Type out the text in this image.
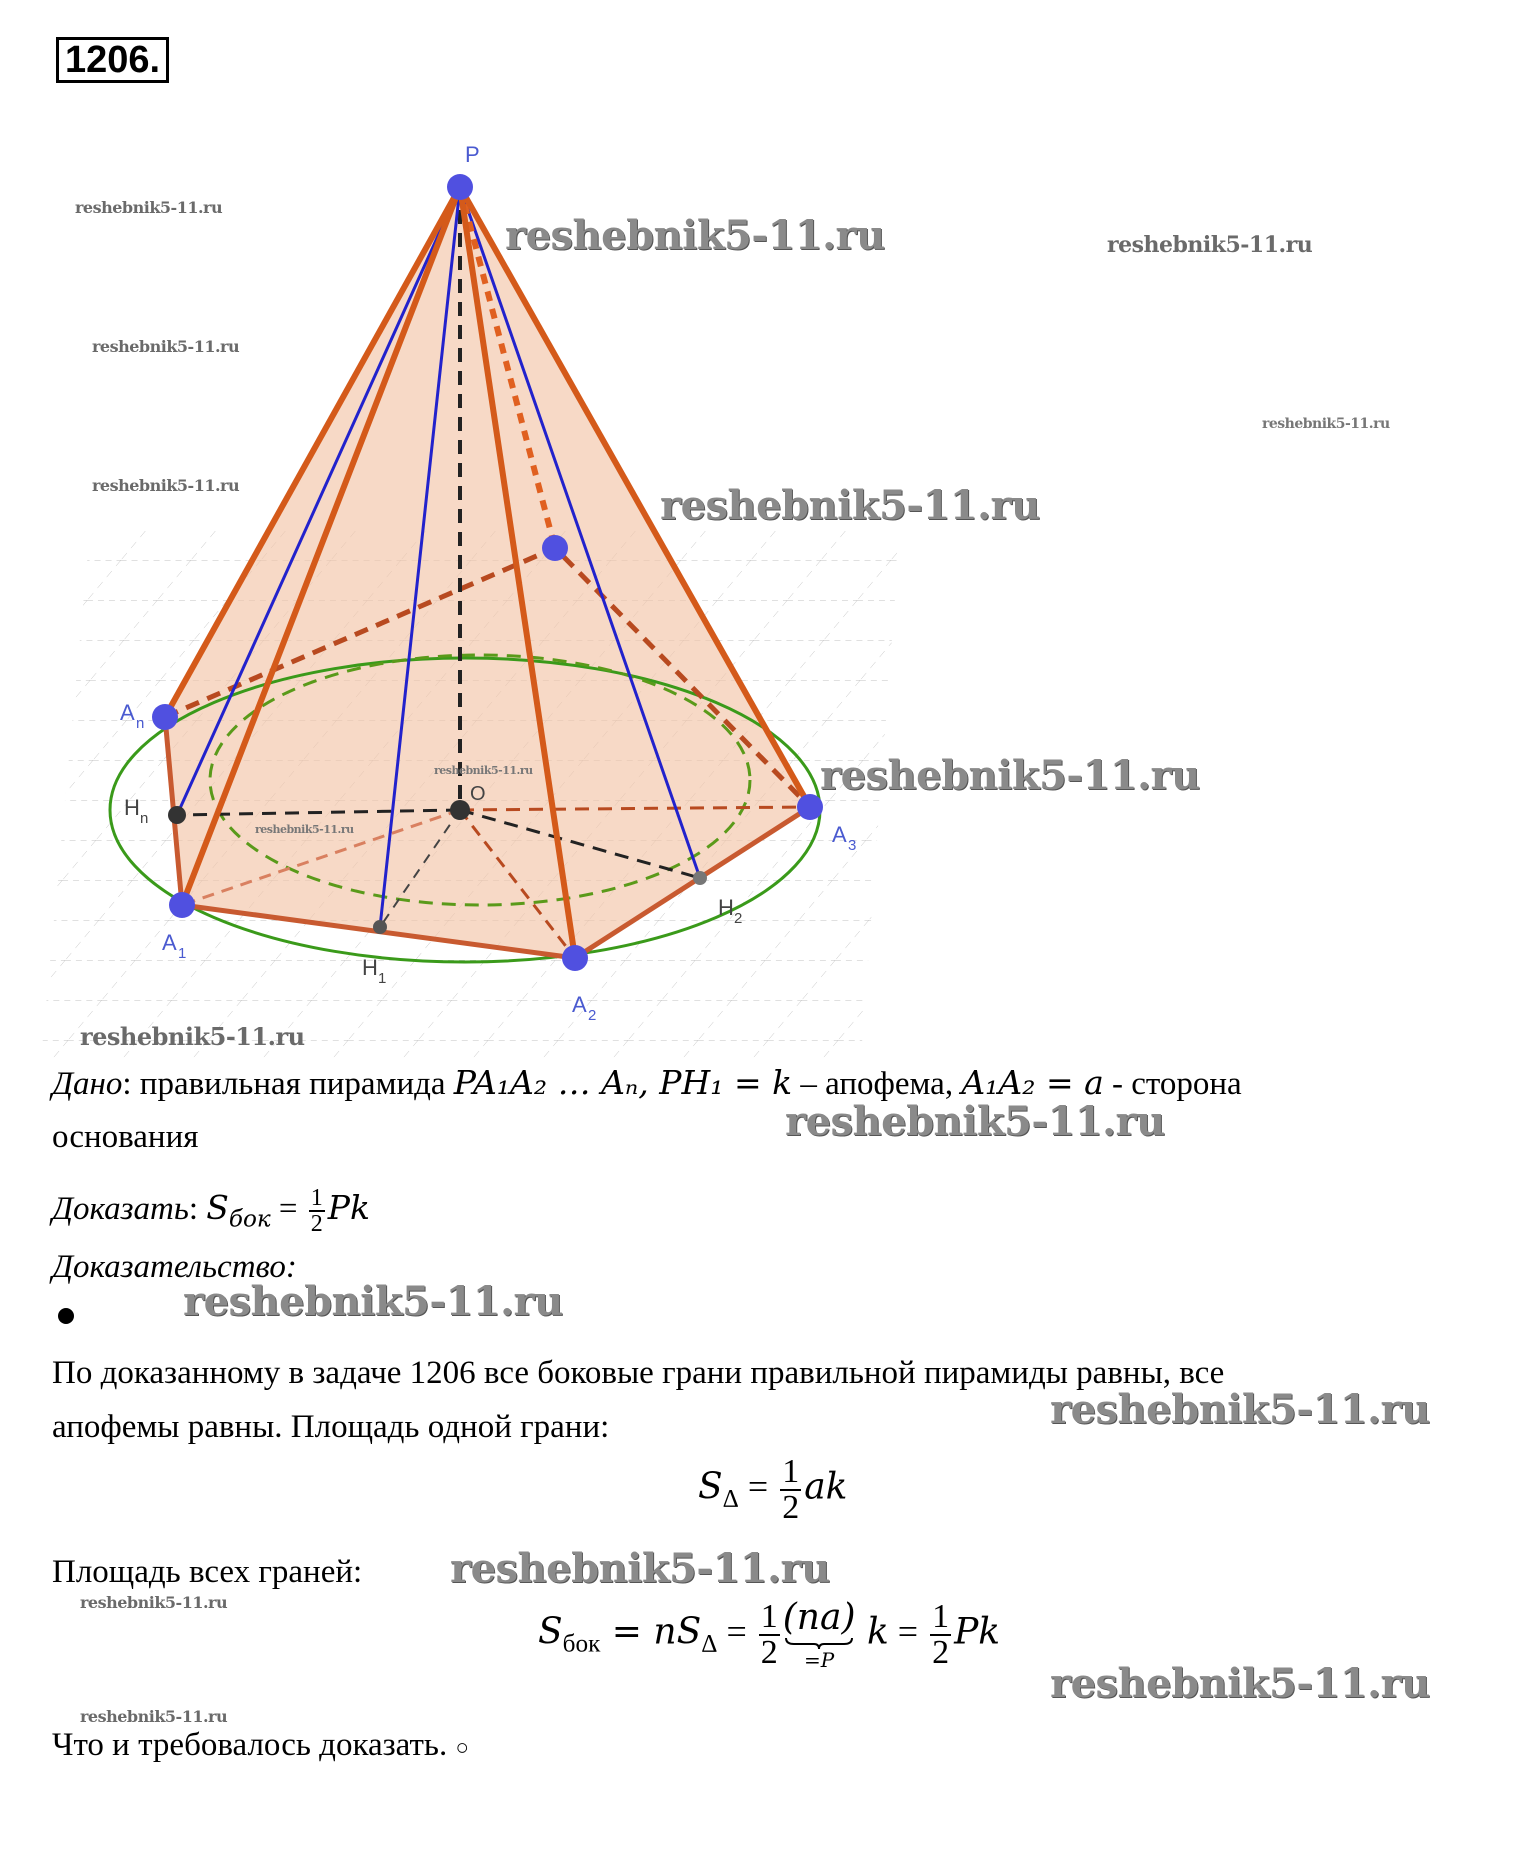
1206.
P
A n
A 1
A 2
A 3
H n
H 1
H 2
O
reshebnik5-11.ru
reshebnik5-11.ru	reshebnik5-11.ru
reshebnik5-11.ru
reshebnik5-11.ru
reshebnik5-11.ru	reshebnik5-11.ru
reshebnik5-11.ru
reshebnik5-11.ru
reshebnik5-11.ru
reshebnik5-11.ru
Дано: правильная пирамида PA₁A₂ … Aₙ, PH₁ = k – апофема, A₁A₂ = a - сторона
основания	reshebnik5-11.ru
Доказать: $S_{бок} = \frac{1}{2}$ Pk
Доказательство:
reshebnik5-11.ru
По доказанному в задаче 1206 все боковые грани правильной пирамиды равны, все
апофемы равны. Площадь одной грани:	reshebnik5-11.ru
$S_\Delta = \frac{1}{2}$ ak
Площадь всех граней: reshebnik5-11.ru
reshebnik5-11.ru
$S_{бок} = nS_\Delta = \frac{1}{2} (na)$
=P
$k = \frac{1}{2}$ Pk
reshebnik5-11.ru
reshebnik5-11.ru
Что и требовалось доказать. ○
